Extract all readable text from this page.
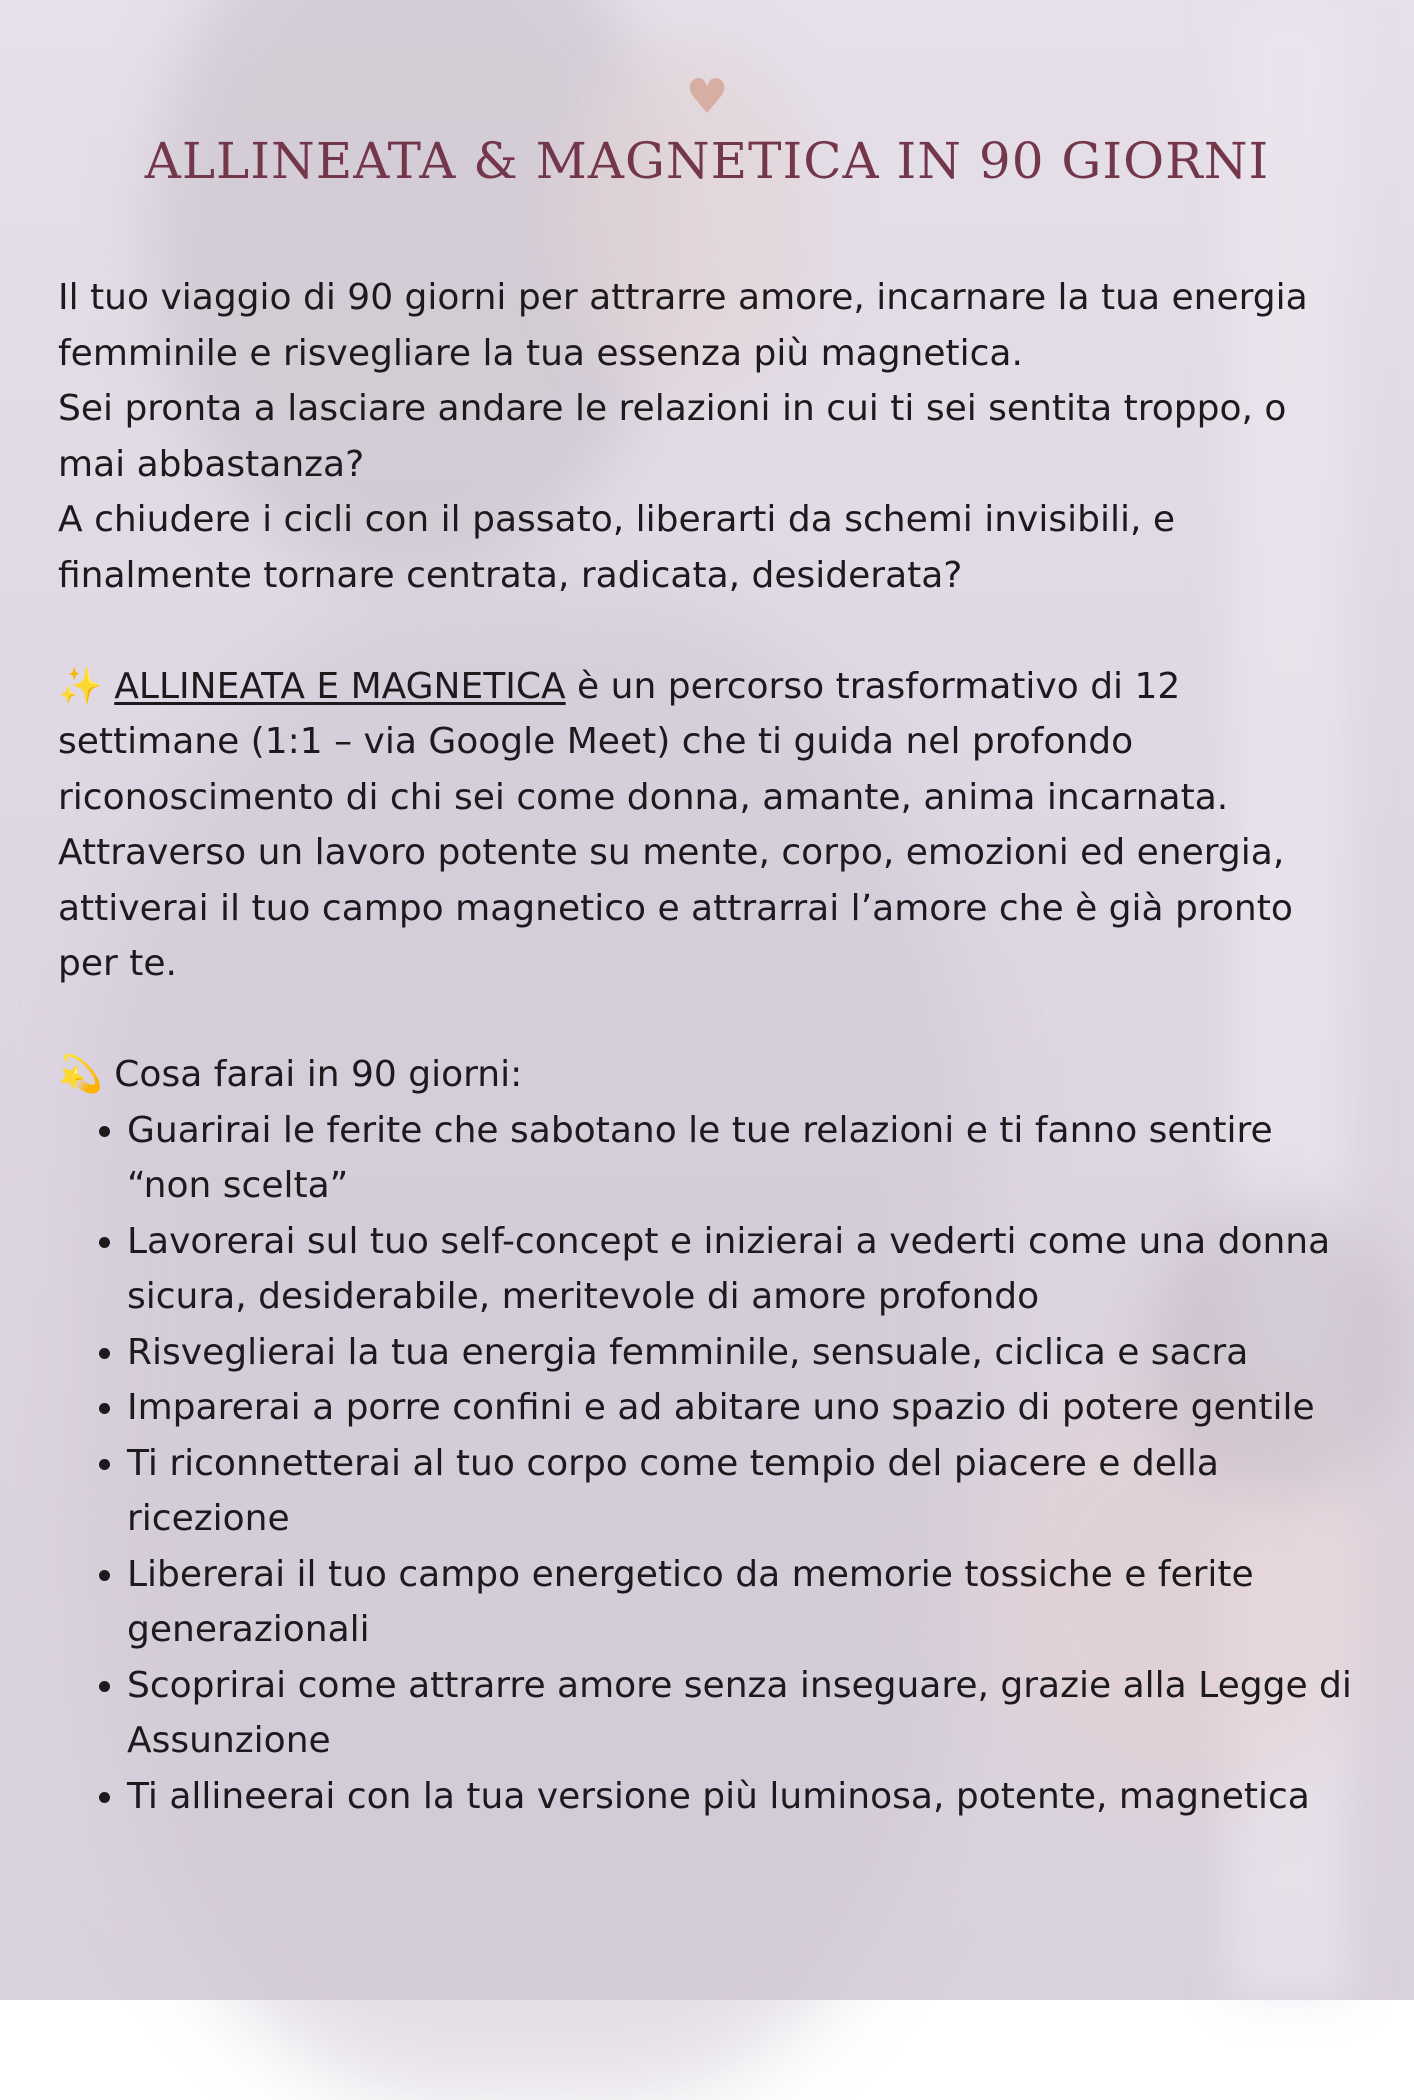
♥
ALLINEATA & MAGNETICA IN 90 GIORNI

Il tuo viaggio di 90 giorni per attrarre amore, incarnare la tua energia femminile e risvegliare la tua essenza più magnetica.

Sei pronta a lasciare andare le relazioni in cui ti sei sentita troppo, o mai abbastanza?

A chiudere i cicli con il passato, liberarti da schemi invisibili, e finalmente tornare centrata, radicata, desiderata?

✨ ALLINEATA E MAGNETICA è un percorso trasformativo di 12 settimane (1:1 – via Google Meet) che ti guida nel profondo riconoscimento di chi sei come donna, amante, anima incarnata. Attraverso un lavoro potente su mente, corpo, emozioni ed energia, attiverai il tuo campo magnetico e attrarrai l’amore che è già pronto per te.

💫 Cosa farai in 90 giorni:

• Guarirai le ferite che sabotano le tue relazioni e ti fanno sentire “non scelta”
• Lavorerai sul tuo self-concept e inizierai a vederti come una donna sicura, desiderabile, meritevole di amore profondo
• Risveglierai la tua energia femminile, sensuale, ciclica e sacra
• Imparerai a porre confini e ad abitare uno spazio di potere gentile
• Ti riconnetterai al tuo corpo come tempio del piacere e della ricezione
• Libererai il tuo campo energetico da memorie tossiche e ferite generazionali
• Scoprirai come attrarre amore senza inseguare, grazie alla Legge di Assunzione
• Ti allineerai con la tua versione più luminosa, potente, magnetica
